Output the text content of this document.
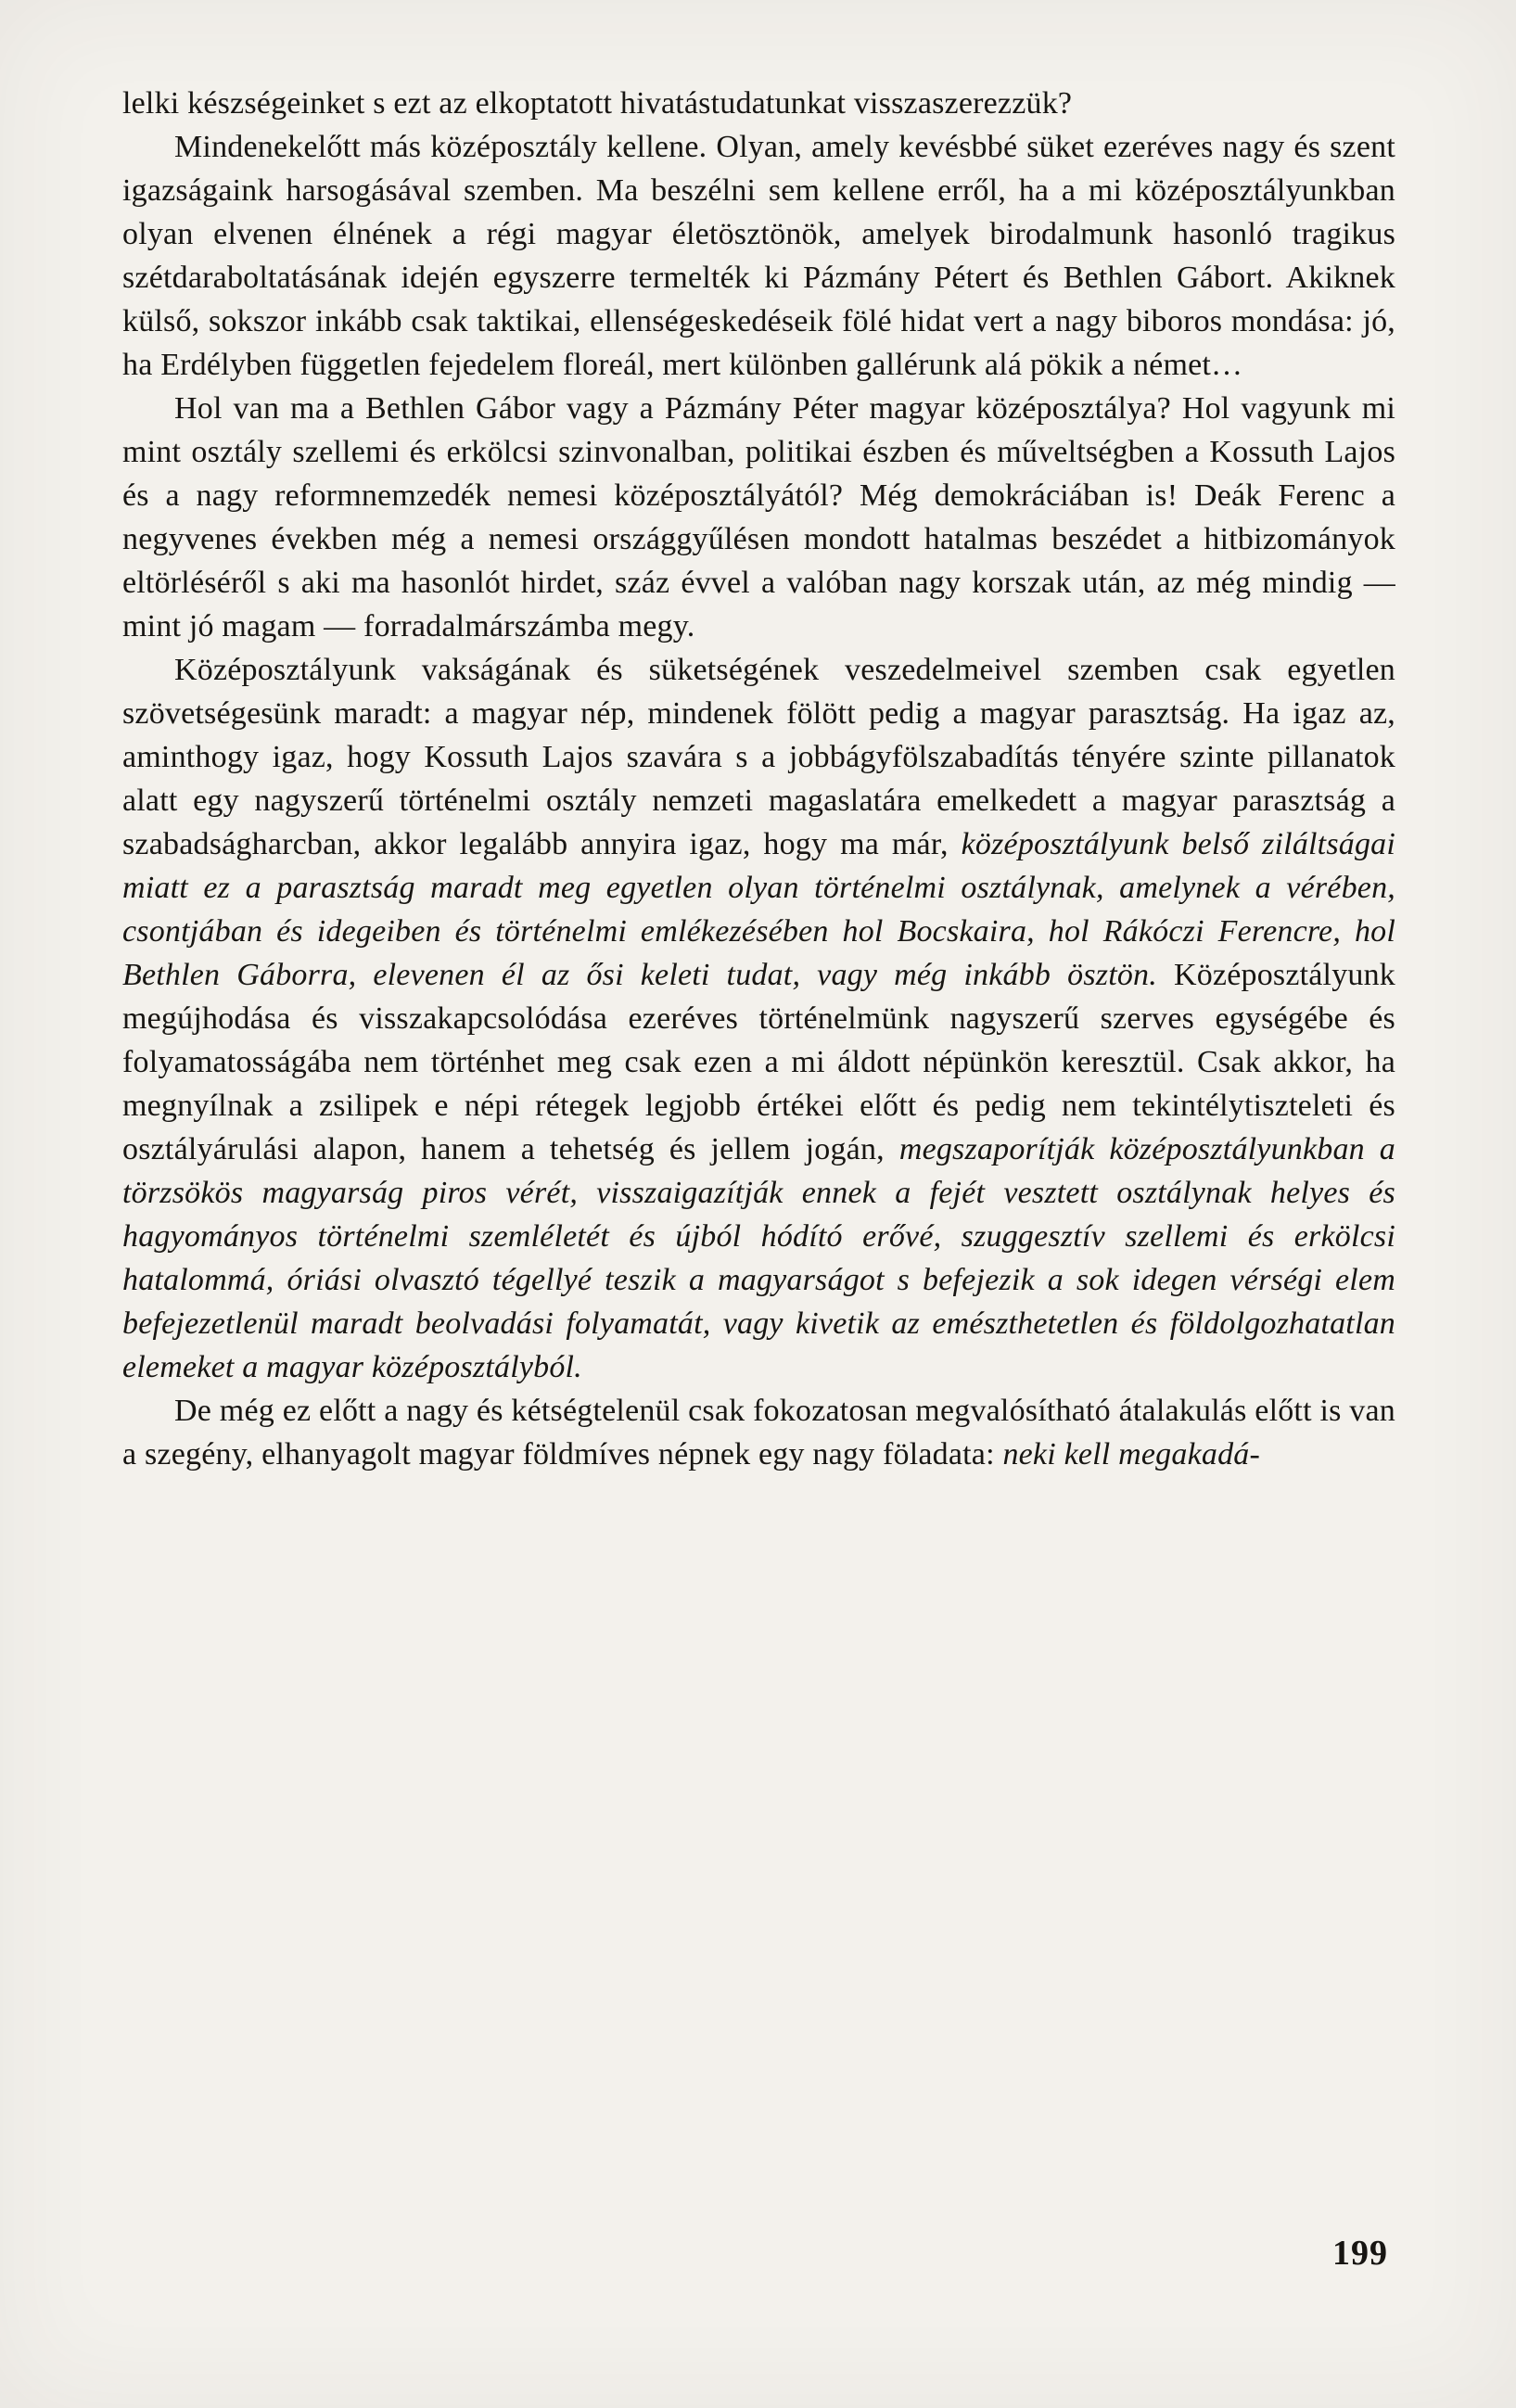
lelki készségeinket s ezt az elkoptatott hivatástudatunkat visszaszerezzük?

Mindenekelőtt más középosztály kellene. Olyan, amely kevésbbé süket ezeréves nagy és szent igazságaink harsogásával szemben. Ma beszélni sem kellene erről, ha a mi középosztályunkban olyan elvenen élnének a régi magyar életösztönök, amelyek birodalmunk hasonló tragikus szétdaraboltatásának idején egyszerre termelték ki Pázmány Pétert és Bethlen Gábort. Akiknek külső, sokszor inkább csak taktikai, ellenségeskedéseik fölé hidat vert a nagy biboros mondása: jó, ha Erdélyben független fejedelem floreál, mert különben gallérunk alá pökik a német…

Hol van ma a Bethlen Gábor vagy a Pázmány Péter magyar középosztálya? Hol vagyunk mi mint osztály szellemi és erkölcsi szinvonalban, politikai észben és műveltségben a Kossuth Lajos és a nagy reformnemzedék nemesi középosztályától? Még demokráciában is! Deák Ferenc a negyvenes években még a nemesi országgyűlésen mondott hatalmas beszédet a hitbizományok eltörléséről s aki ma hasonlót hirdet, száz évvel a valóban nagy korszak után, az még mindig — mint jó magam — forradalmárszámba megy.

Középosztályunk vakságának és süketségének veszedelmeivel szemben csak egyetlen szövetségesünk maradt: a magyar nép, mindenek fölött pedig a magyar parasztság. Ha igaz az, aminthogy igaz, hogy Kossuth Lajos szavára s a jobbágyfölszabadítás tényére szinte pillanatok alatt egy nagyszerű történelmi osztály nemzeti magaslatára emelkedett a magyar parasztság a szabadságharcban, akkor legalább annyira igaz, hogy ma már, középosztályunk belső ziláltságai miatt ez a parasztság maradt meg egyetlen olyan történelmi osztálynak, amelynek a vérében, csontjában és idegeiben és történelmi emlékezésében hol Bocskaira, hol Rákóczi Ferencre, hol Bethlen Gáborra, elevenen él az ősi keleti tudat, vagy még inkább ösztön. Középosztályunk megújhodása és visszakapcsolódása ezeréves történelmünk nagyszerű szerves egységébe és folyamatosságába nem történhet meg csak ezen a mi áldott népünkön keresztül. Csak akkor, ha megnyílnak a zsilipek e népi rétegek legjobb értékei előtt és pedig nem tekintélytiszteleti és osztályárulási alapon, hanem a tehetség és jellem jogán, megszaporítják középosztályunkban a törzsökös magyarság piros vérét, visszaigazítják ennek a fejét vesztett osztálynak helyes és hagyományos történelmi szemléletét és újból hódító erővé, szuggesztív szellemi és erkölcsi hatalommá, óriási olvasztó tégellyé teszik a magyarságot s befejezik a sok idegen vérségi elem befejezetlenül maradt beolvadási folyamatát, vagy kivetik az emészthetetlen és földolgozhatatlan elemeket a magyar középosztályból.

De még ez előtt a nagy és kétségtelenül csak fokozatosan megvalósítható átalakulás előtt is van a szegény, elhanyagolt magyar földmíves népnek egy nagy föladata: neki kell megakadá-

199
